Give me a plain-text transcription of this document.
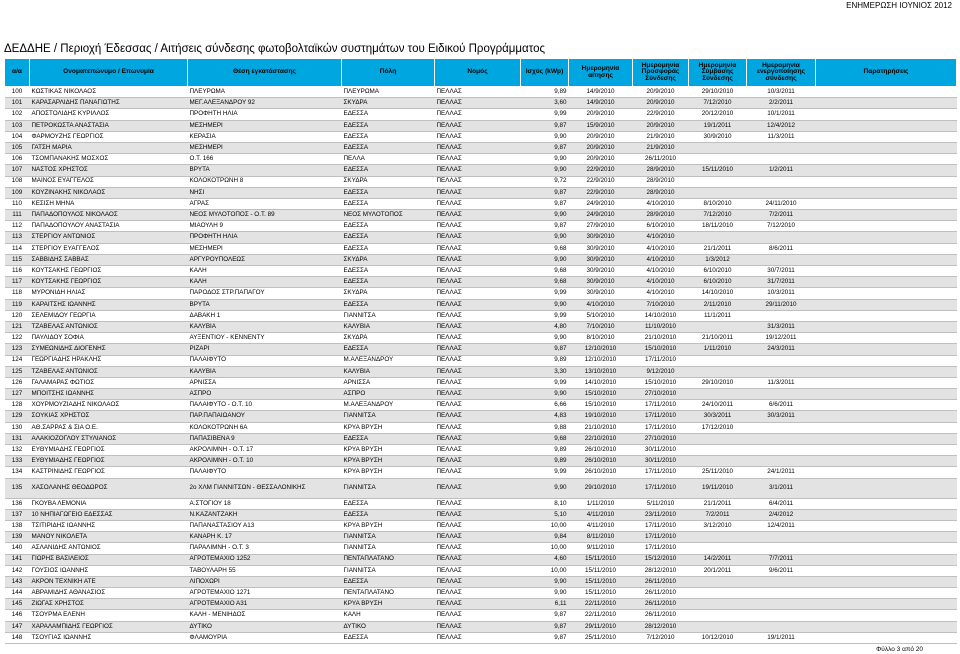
ΕΝΗΜΕΡΩΣΗ ΙΟΥΝΙΟΣ 2012
ΔΕΔΔΗΕ / Περιοχή Έδεσσας / Αιτήσεις σύνδεσης φωτοβολταϊκών συστημάτων του Ειδικού Προγράμματος
α/α	Ονοματεπώνυμο / Επωνυμία	Θέση εγκατάστασης	Πόλη	Νομός	Ισχύς (kWp)	Ημερομηνία αίτησης	Ημερομηνία Προσφοράς Σύνδεσης	Ημερομηνία Σύμβασης Σύνδεσης	Ημερομηνία ενεργοποίησης σύνδεσης	Παρατηρήσεις
100	ΚΩΣΤΙΚΑΣ ΝΙΚΟΛΑΟΣ	ΠΛΕΥΡΩΜΑ	ΠΛΕΥΡΩΜΑ	ΠΕΛΛΑΣ	9,89	14/9/2010	20/9/2010	29/10/2010	10/3/2011	
101	ΚΑΡΑΣΑΡΛΙΔΗΣ ΠΑΝΑΓΙΩΤΗΣ	ΜΕΓ.ΑΛΕΞΑΝΔΡΟΥ 92	ΣΚΥΔΡΑ	ΠΕΛΛΑΣ	3,60	14/9/2010	20/9/2010	7/12/2010	2/2/2011	
102	ΑΠΟΣΤΟΛΙΔΗΣ ΚΥΡΙΛΛΟΣ	ΠΡΟΦΗΤΗ ΗΛΙΑ	ΕΔΕΣΣΑ	ΠΕΛΛΑΣ	9,99	20/9/2010	22/9/2010	20/12/2010	10/1/2011	
103	ΠΕΤΡΟΚΩΣΤΑ ΑΝΑΣΤΑΣΙΑ	ΜΕΣΗΜΕΡΙ	ΕΔΕΣΣΑ	ΠΕΛΛΑΣ	9,87	15/9/2010	20/9/2010	19/1/2011	12/4/2012	
104	ΦΑΡΜΟΥΖΗΣ ΓΕΩΡΓΙΟΣ	ΚΕΡΑΣΙΑ	ΕΔΕΣΣΑ	ΠΕΛΛΑΣ	9,90	20/9/2010	21/9/2010	30/9/2010	11/3/2011	
105	ΓΑΤΣΗ ΜΑΡΙΑ	ΜΕΣΗΜΕΡΙ	ΕΔΕΣΣΑ	ΠΕΛΛΑΣ	9,87	20/9/2010	21/9/2010			
106	ΤΣΟΜΠΑΝΑΚΗΣ ΜΟΣΧΟΣ	Ο.Τ. 166	ΠΕΛΛΑ	ΠΕΛΛΑΣ	9,90	20/9/2010	26/11/2010			
107	ΝΑΣΤΟΣ ΧΡΗΣΤΟΣ	ΒΡΥΤΑ	ΕΔΕΣΣΑ	ΠΕΛΛΑΣ	9,90	22/9/2010	28/9/2010	15/11/2010	1/2/2011	
108	ΜΑΙΝΟΣ ΕΥΑΓΓΕΛΟΣ	ΚΟΛΟΚΟΤΡΩΝΗ 8	ΣΚΥΔΡΑ	ΠΕΛΛΑΣ	9,72	22/9/2010	28/9/2010			
109	ΚΟΥΖΙΝΑΚΗΣ ΝΙΚΟΛΑΟΣ	ΝΗΣΙ	ΕΔΕΣΣΑ	ΠΕΛΛΑΣ	9,87	22/9/2010	28/9/2010			
110	ΚΕΣΙΣΗ ΜΗΝΑ	ΑΓΡΑΣ	ΕΔΕΣΣΑ	ΠΕΛΛΑΣ	9,87	24/9/2010	4/10/2010	8/10/2010	24/11/2010	
111	ΠΑΠΑΔΟΠΟΥΛΟΣ ΝΙΚΟΛΑΟΣ	ΝΕΟΣ ΜΥΛΟΤΟΠΟΣ - Ο.Τ. 89	ΝΕΟΣ ΜΥΛΟΤΟΠΟΣ	ΠΕΛΛΑΣ	9,90	24/9/2010	28/9/2010	7/12/2010	7/2/2011	
112	ΠΑΠΑΔΟΠΟΥΛΟΥ ΑΝΑΣΤΑΣΙΑ	ΜΙΑΟΥΛΗ 9	ΕΔΕΣΣΑ	ΠΕΛΛΑΣ	9,87	27/9/2010	6/10/2010	18/11/2010	7/12/2010	
113	ΣΤΕΡΓΙΟΥ ΑΝΤΩΝΙΟΣ	ΠΡΟΦΗΤΗ ΗΛΙΑ	ΕΔΕΣΣΑ	ΠΕΛΛΑΣ	9,90	30/9/2010	4/10/2010			
114	ΣΤΕΡΓΙΟΥ ΕΥΑΓΓΕΛΟΣ	ΜΕΣΗΜΕΡΙ	ΕΔΕΣΣΑ	ΠΕΛΛΑΣ	9,68	30/9/2010	4/10/2010	21/1/2011	8/6/2011	
115	ΣΑΒΒΙΔΗΣ ΣΑΒΒΑΣ	ΑΡΓΥΡΟΥΠΟΛΕΩΣ	ΣΚΥΔΡΑ	ΠΕΛΛΑΣ	9,90	30/9/2010	4/10/2010	1/3/2012		
116	ΚΟΥΤΣΑΚΗΣ ΓΕΩΡΓΙΟΣ	ΚΑΛΗ	ΕΔΕΣΣΑ	ΠΕΛΛΑΣ	9,68	30/9/2010	4/10/2010	6/10/2010	30/7/2011	
117	ΚΟΥΤΣΑΚΗΣ ΓΕΩΡΓΙΟΣ	ΚΑΛΗ	ΕΔΕΣΣΑ	ΠΕΛΛΑΣ	9,68	30/9/2010	4/10/2010	6/10/2010	31/7/2011	
118	ΜΥΡΟΝΙΔΗ ΗΛΙΑΣ	ΠΑΡΟΔΟΣ ΣΤΡ.ΠΑΠΑΓΟΥ	ΣΚΥΔΡΑ	ΠΕΛΛΑΣ	9,99	30/9/2010	4/10/2010	14/10/2010	10/3/2011	
119	ΚΑΡΑΙΤΣΗΣ ΙΩΑΝΝΗΣ	ΒΡΥΤΑ	ΕΔΕΣΣΑ	ΠΕΛΛΑΣ	9,90	4/10/2010	7/10/2010	2/11/2010	29/11/2010	
120	ΣΕΛΕΜΙΔΟΥ ΓΕΩΡΓΙΑ	ΔΑΒΑΚΗ 1	ΓΙΑΝΝΙΤΣΑ	ΠΕΛΛΑΣ	9,99	5/10/2010	14/10/2010	11/1/2011		
121	ΤΖΑΒΕΛΑΣ ΑΝΤΩΝΙΟΣ	ΚΑΛΥΒΙΑ	ΚΑΛΥΒΙΑ	ΠΕΛΛΑΣ	4,80	7/10/2010	11/10/2010		31/3/2011	
122	ΠΑΥΛΙΔΟΥ ΣΟΦΙΑ	ΑΥΞΕΝΤΙΟΥ - ΚΕΝΝΕΝΤΥ	ΣΚΥΔΡΑ	ΠΕΛΛΑΣ	9,90	8/10/2010	21/10/2010	21/10/2011	19/12/2011	
123	ΣΥΜΕΩΝΙΔΗΣ ΔΙΟΓΕΝΗΣ	ΡΙΖΑΡΙ	ΕΔΕΣΣΑ	ΠΕΛΛΑΣ	9,87	12/10/2010	15/10/2010	1/11/2010	24/3/2011	
124	ΓΕΩΡΓΙΑΔΗΣ ΗΡΑΚΛΗΣ	ΠΑΛΑΙΦΥΤΟ	Μ.ΑΛΕΞΑΝΔΡΟΥ	ΠΕΛΛΑΣ	9,89	12/10/2010	17/11/2010			
125	ΤΖΑΒΕΛΑΣ ΑΝΤΩΝΙΟΣ	ΚΑΛΥΒΙΑ	ΚΑΛΥΒΙΑ	ΠΕΛΛΑΣ	3,30	13/10/2010	9/12/2010			
126	ΓΑΛΑΜΑΡΑΣ ΦΩΤΙΟΣ	ΑΡΝΙΣΣΑ	ΑΡΝΙΣΣΑ	ΠΕΛΛΑΣ	9,99	14/10/2010	15/10/2010	29/10/2010	11/3/2011	
127	ΜΠΟΙΤΣΗΣ ΙΩΑΝΝΗΣ	ΑΣΠΡΟ	ΑΣΠΡΟ	ΠΕΛΛΑΣ	9,90	15/10/2010	27/10/2010			
128	ΧΟΥΡΜΟΥΖΙΑΔΗΣ ΝΙΚΟΛΑΟΣ	ΠΑΛΑΙΦΥΤΟ - Ο.Τ. 10	Μ.ΑΛΕΞΑΝΔΡΟΥ	ΠΕΛΛΑΣ	6,66	15/10/2010	17/11/2010	24/10/2011	6/6/2011	
129	ΣΟΥΚΙΑΣ ΧΡΗΣΤΟΣ	ΠΑΡ.ΠΑΠΑΙΩΑΝΟΥ	ΓΙΑΝΝΙΤΣΑ	ΠΕΛΛΑΣ	4,83	19/10/2010	17/11/2010	30/3/2011	30/3/2011	
130	ΑΘ.ΣΑΡΡΑΣ & ΣΙΑ Ο.Ε.	ΚΟΛΟΚΟΤΡΩΝΗ 6Α	ΚΡΥΑ ΒΡΥΣΗ	ΠΕΛΛΑΣ	9,88	21/10/2010	17/11/2010	17/12/2010		
131	ΑΛΑΚΙΟΖΟΓΛΟΥ ΣΤΥΛΙΑΝΟΣ	ΠΑΠΑΣΙΒΕΝΑ 9	ΕΔΕΣΣΑ	ΠΕΛΛΑΣ	9,68	22/10/2010	27/10/2010			
132	ΕΥΘΥΜΙΑΔΗΣ ΓΕΩΡΓΙΟΣ	ΑΚΡΟΛΙΜΝΗ - Ο.Τ. 17	ΚΡΥΑ ΒΡΥΣΗ	ΠΕΛΛΑΣ	9,89	26/10/2010	30/11/2010			
133	ΕΥΘΥΜΙΑΔΗΣ ΓΕΩΡΓΙΟΣ	ΑΚΡΟΛΙΜΝΗ - Ο.Τ. 10	ΚΡΥΑ ΒΡΥΣΗ	ΠΕΛΛΑΣ	9,89	26/10/2010	30/11/2010			
134	ΚΑΣΤΡΙΝΙΔΗΣ ΓΕΩΡΓΙΟΣ	ΠΑΛΑΙΦΥΤΟ	ΚΡΥΑ ΒΡΥΣΗ	ΠΕΛΛΑΣ	9,99	26/10/2010	17/11/2010	25/11/2010	24/1/2011	
135	ΧΑΣΟΛΑΝΗΣ ΘΕΟΔΩΡΟΣ	2ο ΧΛΜ ΓΙΑΝΝΙΤΣΩΝ - ΘΕΣΣΑΛΟΝΙΚΗΣ	ΓΙΑΝΝΙΤΣΑ	ΠΕΛΛΑΣ	9,90	29/10/2010	17/11/2010	19/11/2010	3/1/2011	
136	ΓΚΟΥΒΑ ΛΕΜΟΝΙΑ	Α.ΣΤΟΓΙΟΥ 18	ΕΔΕΣΣΑ	ΠΕΛΛΑΣ	8,10	1/11/2010	5/11/2010	21/1/2011	6/4/2011	
137	10 ΝΗΠΙΑΓΩΓΕΙΟ ΕΔΕΣΣΑΣ	Ν.ΚΑΖΑΝΤΖΑΚΗ	ΕΔΕΣΣΑ	ΠΕΛΛΑΣ	5,10	4/11/2010	23/11/2010	7/2/2011	2/4/2012	
138	ΤΣΙΤΙΡΙΔΗΣ ΙΩΑΝΝΗΣ	ΠΑΠΑΝΑΣΤΑΣΙΟΥ Α13	ΚΡΥΑ ΒΡΥΣΗ	ΠΕΛΛΑΣ	10,00	4/11/2010	17/11/2010	3/12/2010	12/4/2011	
139	ΜΑΝΟΥ ΝΙΚΟΛΕΤΑ	ΚΑΝΑΡΗ Κ. 17	ΓΙΑΝΝΙΤΣΑ	ΠΕΛΛΑΣ	9,84	8/11/2010	17/11/2010			
140	ΑΣΛΑΝΙΔΗΣ ΑΝΤΩΝΙΟΣ	ΠΑΡΑΛΙΜΝΗ - Ο.Τ. 3	ΓΙΑΝΝΙΤΣΑ	ΠΕΛΛΑΣ	10,00	9/11/2010	17/11/2010			
141	ΓΙΩΡΗΣ ΒΑΣΙΛΕΙΟΣ	ΑΓΡΟΤΕΜΑΧΙΟ 1252	ΠΕΝΤΑΠΛΑΤΑΝΟ	ΠΕΛΛΑΣ	4,60	15/11/2010	15/12/2010	14/2/2011	7/7/2011	
142	ΓΟΥΣΙΟΣ ΙΩΑΝΝΗΣ	ΤΑΒΟΥΛΑΡΗ 55	ΓΙΑΝΝΙΤΣΑ	ΠΕΛΛΑΣ	10,00	15/11/2010	28/12/2010	20/1/2011	9/6/2011	
143	ΑΚΡΟΝ ΤΕΧΝΙΚΗ ΑΤΕ	ΛΙΠΟΧΩΡΙ	ΕΔΕΣΣΑ	ΠΕΛΛΑΣ	9,90	15/11/2010	26/11/2010			
144	ΑΒΡΑΜΙΔΗΣ ΑΘΑΝΑΣΙΟΣ	ΑΓΡΟΤΕΜΑΧΙΟ 1271	ΠΕΝΤΑΠΛΑΤΑΝΟ	ΠΕΛΛΑΣ	9,90	15/11/2010	26/11/2010			
145	ΖΙΩΓΑΣ ΧΡΗΣΤΟΣ	ΑΓΡΟΤΕΜΑΧΙΟ Α31	ΚΡΥΑ ΒΡΥΣΗ	ΠΕΛΛΑΣ	6,11	22/11/2010	26/11/2010			
146	ΤΣΟΥΡΜΑ ΕΛΕΝΗ	ΚΑΛΗ - ΜΕΝΙΗΔΟΣ	ΚΑΛΗ	ΠΕΛΛΑΣ	9,87	22/11/2010	26/11/2010			
147	ΧΑΡΑΛΑΜΠΙΔΗΣ ΓΕΩΡΓΙΟΣ	ΔΥΤΙΚΟ	ΔΥΤΙΚΟ	ΠΕΛΛΑΣ	9,87	29/11/2010	28/12/2010			
148	ΤΣΟΥΓΙΑΣ ΙΩΑΝΝΗΣ	ΦΛΑΜΟΥΡΙΑ	ΕΔΕΣΣΑ	ΠΕΛΛΑΣ	9,87	25/11/2010	7/12/2010	10/12/2010	19/1/2011	
Φύλλο 3 από 20
